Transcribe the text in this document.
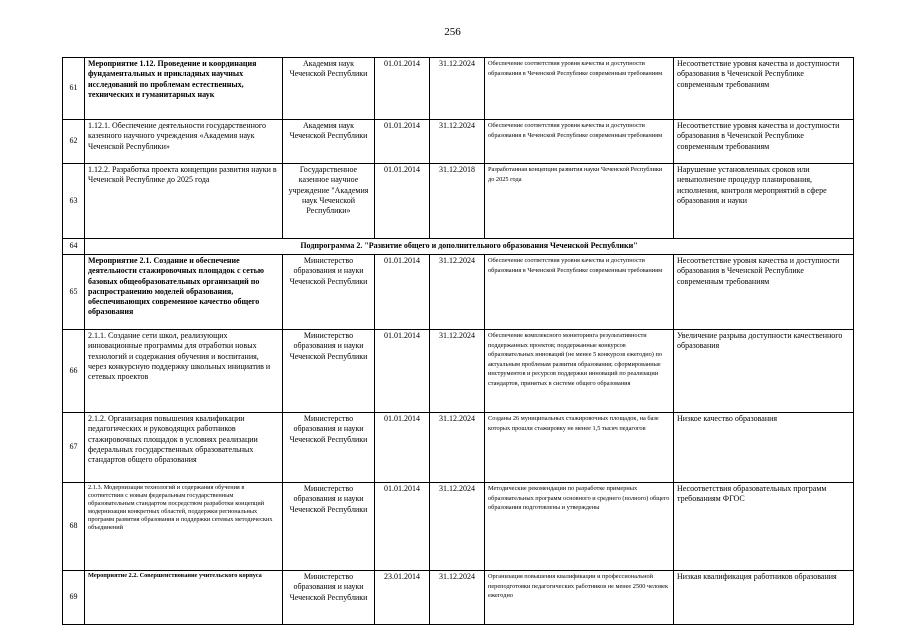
256
61	Мероприятие 1.12. Проведение и координация фундаментальных и прикладных научных исследований по проблемам естественных, технических и гуманитарных наук	Академия наук Чеченской Республики	01.01.2014	31.12.2024	Обеспечение соответствия уровня качества и доступности образования в Чеченской Республике современным требованиям	Несоответствие уровня качества и доступности образования в Чеченской Республике современным требованиям
62	1.12.1. Обеспечение деятельности государственного казенного научного учреждения «Академия наук Чеченской Республики»	Академия наук Чеченской Республики	01.01.2014	31.12.2024	Обеспечение соответствия уровня качества и доступности образования в Чеченской Республике современным требованиям	Несоответствие уровня качества и доступности образования в Чеченской Республике современным требованиям
63	1.12.2. Разработка проекта концепции развития науки в Чеченской Республике до 2025 года	Государственное казенное научное учреждение "Академия наук Чеченской Республики»	01.01.2014	31.12.2018	Разработанная концепция развития науки Чеченской Республики до 2025 года	Нарушение установленных сроков или невыполнение процедур планирования, исполнения, контроля мероприятий в сфере образования и науки
64	Подпрограмма 2. "Развитие общего и дополнительного образования Чеченской Республики"					
65	Мероприятие 2.1. Создание и обеспечение деятельности стажировочных площадок с сетью базовых общеобразовательных организаций по распространению моделей образования, обеспечивающих современное качество общего образования	Министерство образования и науки Чеченской Республики	01.01.2014	31.12.2024	Обеспечение соответствия уровня качества и доступности образования в Чеченской Республике современным требованиям	Несоответствие уровня качества и доступности образования в Чеченской Республике современным требованиям
66	2.1.1. Создание сети школ, реализующих инновационные программы для отработки новых технологий и содержания обучения и воспитания, через конкурсную поддержку школьных инициатив и сетевых проектов	Министерство образования и науки Чеченской Республики	01.01.2014	31.12.2024	Обеспечение комплексного мониторинга результативности поддержанных проектов; поддержанные конкурсов образовательных инноваций (не менее 5 конкурсов ежегодно) по актуальным проблемам развития образования; сформированные инструментов и ресурсов поддержки инноваций по реализации стандартов, принятых в системе общего образования	Увеличение разрыва доступности качественного образования
67	2.1.2. Организация повышения квалификации педагогических и руководящих работников стажировочных площадок в условиях реализации федеральных государственных образовательных стандартов общего образования	Министерство образования и науки Чеченской Республики	01.01.2014	31.12.2024	Созданы 26 муниципальных стажировочных площадок, на базе которых прошли стажировку не менее 1,5 тысяч педагогов	Низкое качество образования
68	2.1.3. Модернизация технологий и содержания обучения в соответствии с новым федеральным государственным образовательным стандартом посредством разработки концепций модернизации конкретных областей, поддержки региональных программ развития образования и поддержки сетевых методических объединений	Министерство образования и науки Чеченской Республики	01.01.2014	31.12.2024	Методические рекомендации по разработке примерных образовательных программ основного и среднего (полного) общего образования подготовлены и утверждены	Несоответствия образовательных программ требованиям ФГОС
69	Мероприятие 2.2. Совершенствование учительского корпуса	Министерство образования и науки Чеченской Республики	23.01.2014	31.12.2024	Организация повышения квалификации и профессиональной переподготовки педагогических работников не менее 2500 человек ежегодно	Низкая квалификация работников образования
